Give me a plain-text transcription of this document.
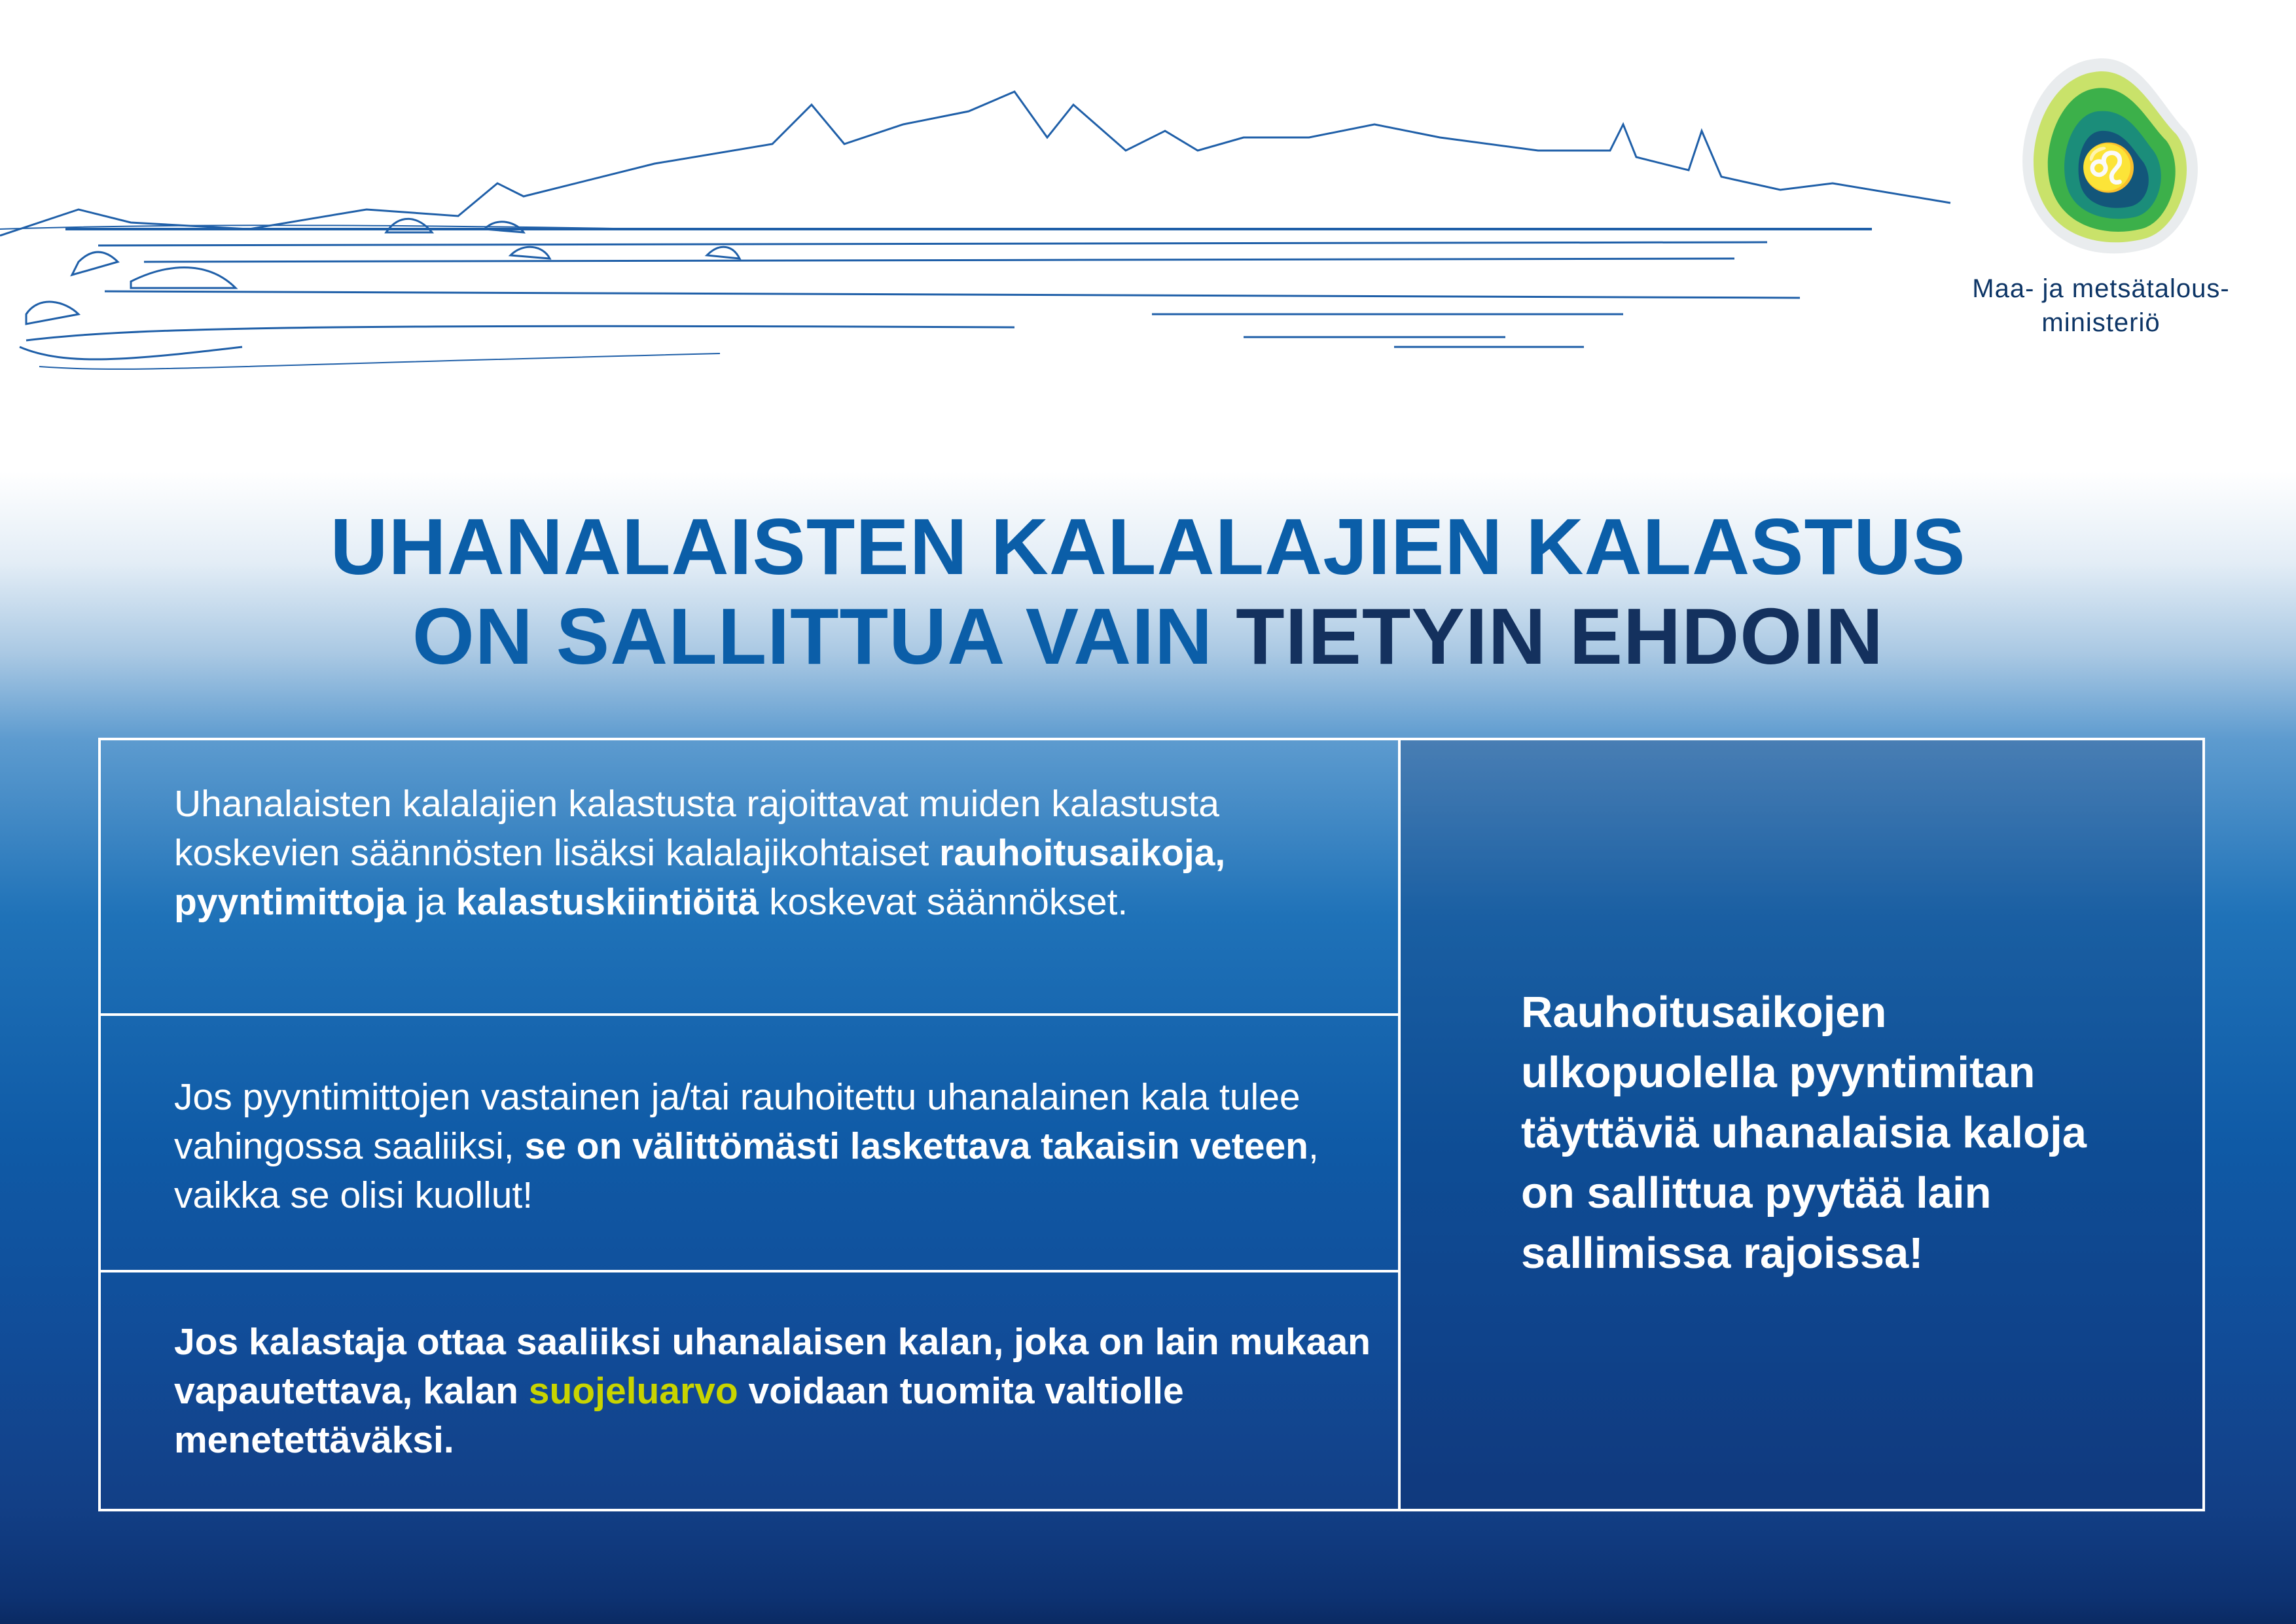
♌
Maa- ja metsätalous-
ministeriö
UHANALAISTEN KALALAJIEN KALASTUS
ON SALLITTUA VAIN TIETYIN EHDOIN
Uhanalaisten kalalajien kalastusta rajoittavat muiden kalastusta koskevien säännösten lisäksi kalalajikohtaiset rauhoitusaikoja, pyyntimittoja ja kalastuskiintiöitä koskevat säännökset.
Jos pyyntimittojen vastainen ja/tai rauhoitettu uhanalainen kala tulee vahingossa saaliiksi, se on välittömästi laskettava takaisin veteen, vaikka se olisi kuollut!
Jos kalastaja ottaa saaliiksi uhanalaisen kalan, joka on lain mukaan vapautettava, kalan suojeluarvo voidaan tuomita valtiolle menetettäväksi.
Rauhoitusaikojen ulkopuolella pyyntimitan täyttäviä uhanalaisia kaloja on sallittua pyytää lain sallimissa rajoissa!
